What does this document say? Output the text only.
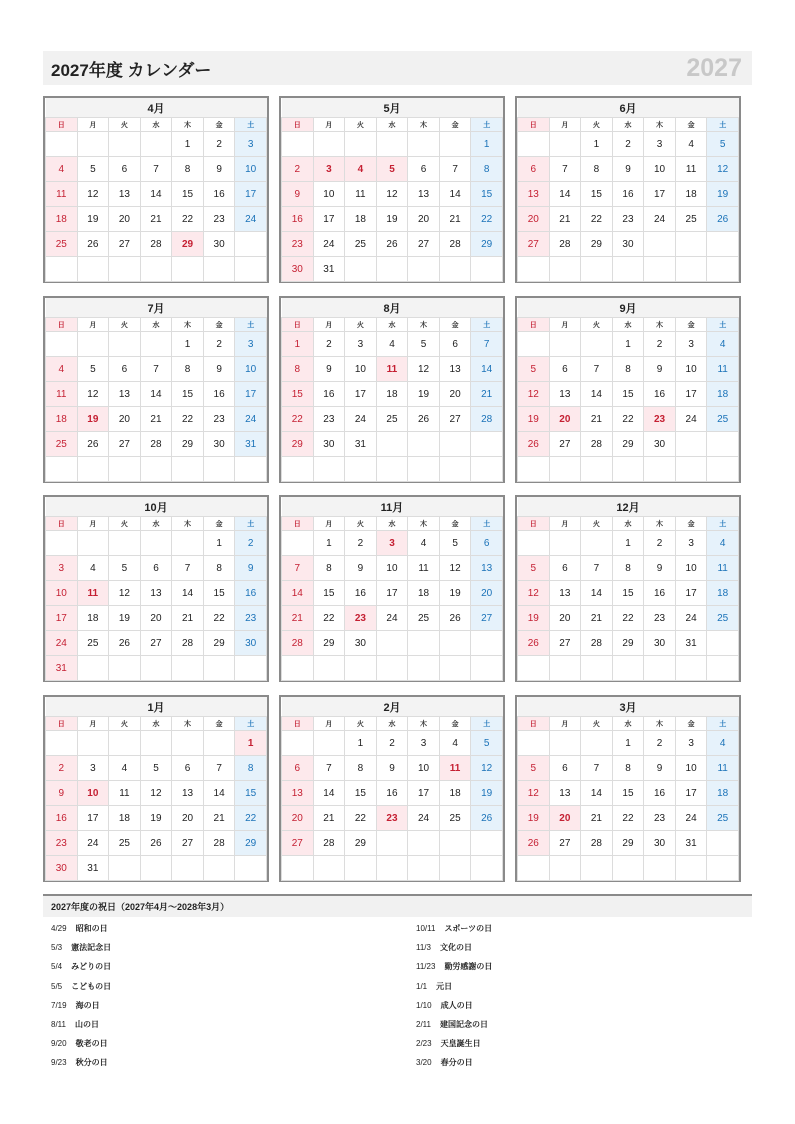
2027年度 カレンダー	2027
4月						
日	月	火	水	木	金	土
				1	2	3
4	5	6	7	8	9	10
11	12	13	14	15	16	17
18	19	20	21	22	23	24
25	26	27	28	29	30	

5月						
日	月	火	水	木	金	土
						1
2	3	4	5	6	7	8
9	10	11	12	13	14	15
16	17	18	19	20	21	22
23	24	25	26	27	28	29
30	31					
6月						
日	月	火	水	木	金	土
		1	2	3	4	5
6	7	8	9	10	11	12
13	14	15	16	17	18	19
20	21	22	23	24	25	26
27	28	29	30			

7月						
日	月	火	水	木	金	土
				1	2	3
4	5	6	7	8	9	10
11	12	13	14	15	16	17
18	19	20	21	22	23	24
25	26	27	28	29	30	31

8月						
日	月	火	水	木	金	土
1	2	3	4	5	6	7
8	9	10	11	12	13	14
15	16	17	18	19	20	21
22	23	24	25	26	27	28
29	30	31				

9月						
日	月	火	水	木	金	土
			1	2	3	4
5	6	7	8	9	10	11
12	13	14	15	16	17	18
19	20	21	22	23	24	25
26	27	28	29	30		

10月						
日	月	火	水	木	金	土
					1	2
3	4	5	6	7	8	9
10	11	12	13	14	15	16
17	18	19	20	21	22	23
24	25	26	27	28	29	30
31						
11月						
日	月	火	水	木	金	土
	1	2	3	4	5	6
7	8	9	10	11	12	13
14	15	16	17	18	19	20
21	22	23	24	25	26	27
28	29	30				

12月						
日	月	火	水	木	金	土
			1	2	3	4
5	6	7	8	9	10	11
12	13	14	15	16	17	18
19	20	21	22	23	24	25
26	27	28	29	30	31	

1月						
日	月	火	水	木	金	土
						1
2	3	4	5	6	7	8
9	10	11	12	13	14	15
16	17	18	19	20	21	22
23	24	25	26	27	28	29
30	31					
2月						
日	月	火	水	木	金	土
		1	2	3	4	5
6	7	8	9	10	11	12
13	14	15	16	17	18	19
20	21	22	23	24	25	26
27	28	29				

3月						
日	月	火	水	木	金	土
			1	2	3	4
5	6	7	8	9	10	11
12	13	14	15	16	17	18
19	20	21	22	23	24	25
26	27	28	29	30	31	

2027年度の祝日（2027年4月〜2028年3月）
4/29 昭和の日	10/11 スポーツの日
5/3 憲法記念日	11/3 文化の日
5/4 みどりの日	11/23 勤労感謝の日
5/5 こどもの日	1/1 元日
7/19 海の日	1/10 成人の日
8/11 山の日	2/11 建国記念の日
9/20 敬老の日	2/23 天皇誕生日
9/23 秋分の日	3/20 春分の日
